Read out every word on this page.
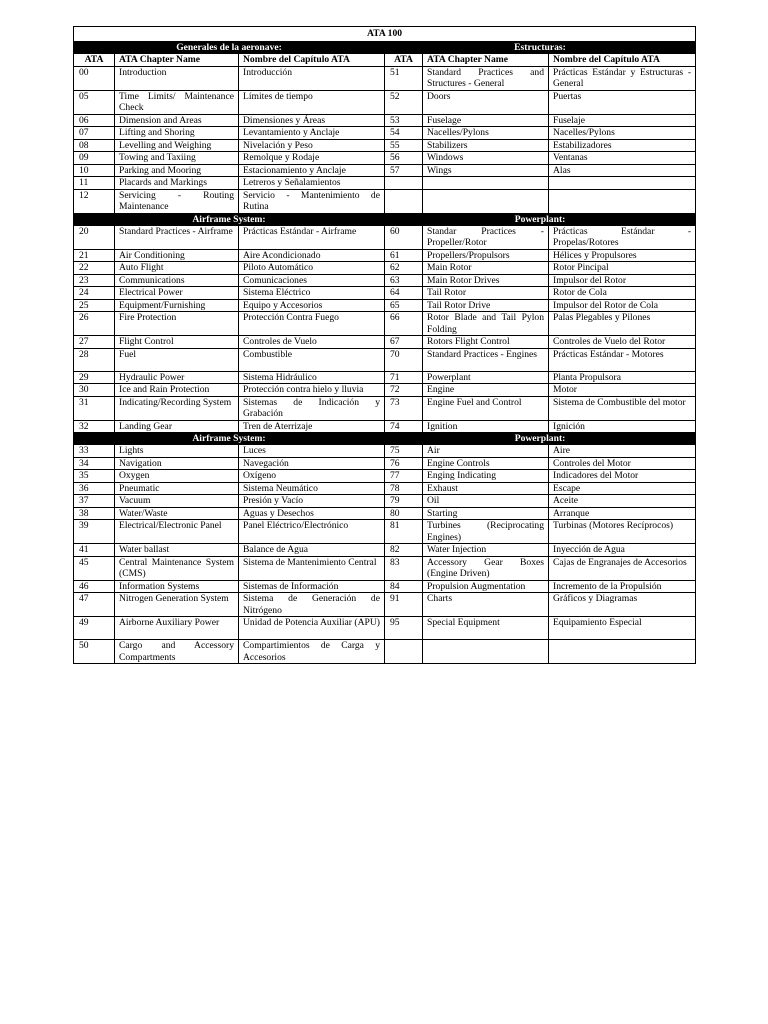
ATA 100					
Generales de la aeronave:			Estructuras:		
ATA	ATA Chapter Name	Nombre del Capítulo ATA	ATA	ATA Chapter Name	Nombre del Capítulo ATA
00	Introduction	Introducción	51	Standard Practices and Structures - General	Prácticas Estándar y Estructuras - General
05	Time Limits/ Maintenance Check	Límites de tiempo	52	Doors	Puertas
06	Dimension and Areas	Dimensiones y Áreas	53	Fuselage	Fuselaje
07	Lifting and Shoring	Levantamiento y Anclaje	54	Nacelles/Pylons	Nacelles/Pylons
08	Levelling and Weighing	Nivelación y Peso	55	Stabilizers	Estabilizadores
09	Towing and Taxiing	Remolque y Rodaje	56	Windows	Ventanas
10	Parking and Mooring	Estacionamiento y Anclaje	57	Wings	Alas
11	Placards and Markings	Letreros y Señalamientos			
12	Servicing - Routing Maintenance	Servicio - Mantenimiento de Rutina			
Airframe System:			Powerplant:		
20	Standard Practices - Airframe	Prácticas Estándar - Airframe	60	Standar Practices - Propeller/Rotor	Prácticas Estándar - Propelas/Rotores
21	Air Conditioning	Aire Acondicionado	61	Propellers/Propulsors	Hélices y Propulsores
22	Auto Flight	Piloto Automático	62	Main Rotor	Rotor Pincipal
23	Communications	Comunicaciones	63	Main Rotor Drives	Impulsor del Rotor
24	Electrical Power	Sistema Eléctrico	64	Tail Rotor	Rotor de Cola
25	Equipment/Furnishing	Equipo y Accesorios	65	Tail Rotor Drive	Impulsor del Rotor de Cola
26	Fire Protection	Protección Contra Fuego	66	Rotor Blade and Tail Pylon Folding	Palas Plegables y Pilones
27	Flight Control	Controles de Vuelo	67	Rotors Flight Control	Controles de Vuelo del Rotor
28	Fuel	Combustible	70	Standard Practices - Engines	Prácticas Estándar - Motores
29	Hydraulic Power	Sistema Hidráulico	71	Powerplant	Planta Propulsora
30	Ice and Rain Protection	Protección contra hielo y lluvia	72	Engine	Motor
31	Indicating/Recording System	Sistemas de Indicación y Grabación	73	Engine Fuel and Control	Sistema de Combustible del motor
32	Landing Gear	Tren de Aterrizaje	74	Ignition	Ignición
Airframe System:			Powerplant:		
33	Lights	Luces	75	Air	Aire
34	Navigation	Navegación	76	Engine Controls	Controles del Motor
35	Oxygen	Oxígeno	77	Enging Indicating	Indicadores del Motor
36	Pneumatic	Sistema Neumático	78	Exhaust	Escape
37	Vacuum	Presión y Vacío	79	Oil	Aceite
38	Water/Waste	Aguas y Desechos	80	Starting	Arranque
39	Electrical/Electronic Panel	Panel Eléctrico/Electrónico	81	Turbines (Reciprocating Engines)	Turbinas (Motores Recíprocos)
41	Water ballast	Balance de Agua	82	Water Injection	Inyección de Agua
45	Central Maintenance System (CMS)	Sistema de Mantenimiento Central	83	Accessory Gear Boxes (Engine Driven)	Cajas de Engranajes de Accesorios
46	Information Systems	Sistemas de Información	84	Propulsion Augmentation	Incremento de la Propulsión
47	Nitrogen Generation System	Sistema de Generación de Nitrógeno	91	Charts	Gráficos y Diagramas
49	Airborne Auxiliary Power	Unidad de Potencia Auxiliar (APU)	95	Special Equipment	Equipamiento Especial
50	Cargo and Accessory Compartments	Compartimientos de Carga y Accesorios			
